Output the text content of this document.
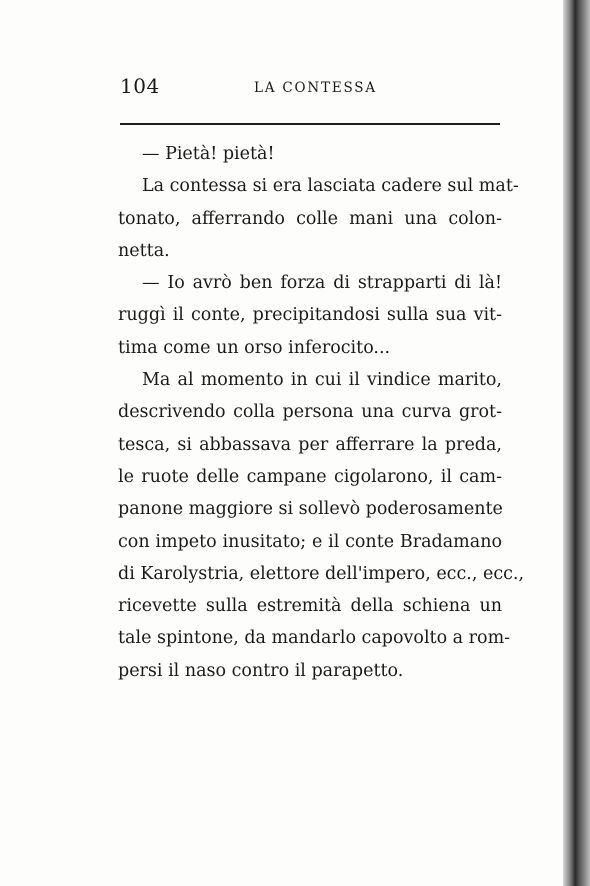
104	LA CONTESSA

— Pietà! pietà!

La contessa si era lasciata cadere sul mat-
tonato, afferrando colle mani una colon-
netta.

— Io avrò ben forza di strapparti di là!
ruggì il conte, precipitandosi sulla sua vit-
tima come un orso inferocito...

Ma al momento in cui il vindice marito,
descrivendo colla persona una curva grot-
tesca, si abbassava per afferrare la preda,
le ruote delle campane cigolarono, il cam-
panone maggiore si sollevò poderosamente
con impeto inusitato; e il conte Bradamano
di Karolystria, elettore dell'impero, ecc., ecc.,
ricevette sulla estremità della schiena un
tale spintone, da mandarlo capovolto a rom-
persi il naso contro il parapetto.
